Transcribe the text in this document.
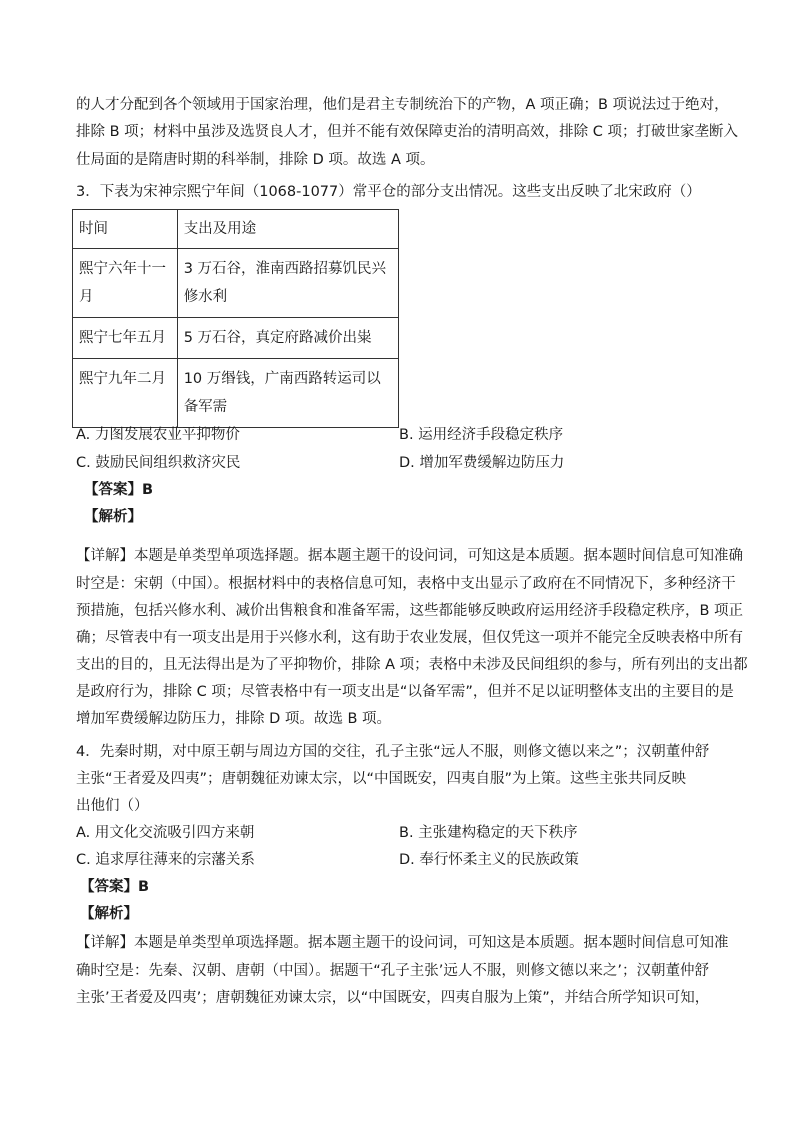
的人才分配到各个领域用于国家治理，他们是君主专制统治下的产物，A 项正确；B 项说法过于绝对，
排除 B 项；材料中虽涉及选贤良人才，但并不能有效保障吏治的清明高效，排除 C 项；打破世家垄断入
仕局面的是隋唐时期的科举制，排除 D 项。故选 A 项。
3．下表为宋神宗熙宁年间（1068-1077）常平仓的部分支出情况。这些支出反映了北宋政府（）
时间	支出及用途

熙宁六年十一月	3 万石谷，淮南西路招募饥民兴修水利

熙宁七年五月	5 万石谷，真定府路减价出粜

熙宁九年二月	10 万缗钱，广南西路转运司以备军需
A. 力图发展农业平抑物价	B. 运用经济手段稳定秩序
C. 鼓励民间组织救济灾民	D. 增加军费缓解边防压力
【答案】B
【解析】
【详解】本题是单类型单项选择题。据本题主题干的设问词，可知这是本质题。据本题时间信息可知准确
时空是：宋朝（中国）。根据材料中的表格信息可知，表格中支出显示了政府在不同情况下，多种经济干
预措施，包括兴修水利、减价出售粮食和准备军需，这些都能够反映政府运用经济手段稳定秩序，B 项正
确；尽管表中有一项支出是用于兴修水利，这有助于农业发展，但仅凭这一项并不能完全反映表格中所有
支出的目的，且无法得出是为了平抑物价，排除 A 项；表格中未涉及民间组织的参与，所有列出的支出都
是政府行为，排除 C 项；尽管表格中有一项支出是“以备军需”，但并不足以证明整体支出的主要目的是
增加军费缓解边防压力，排除 D 项。故选 B 项。
4．先秦时期，对中原王朝与周边方国的交往，孔子主张“远人不服，则修文德以来之”；汉朝董仲舒
主张“王者爱及四夷”；唐朝魏征劝谏太宗，以“中国既安，四夷自服”为上策。这些主张共同反映
出他们（）
A. 用文化交流吸引四方来朝	B. 主张建构稳定的天下秩序
C. 追求厚往薄来的宗藩关系	D. 奉行怀柔主义的民族政策
【答案】B
【解析】
【详解】本题是单类型单项选择题。据本题主题干的设问词，可知这是本质题。据本题时间信息可知准
确时空是：先秦、汉朝、唐朝（中国）。据题干“孔子主张’远人不服，则修文德以来之’；汉朝董仲舒
主张’王者爱及四夷’；唐朝魏征劝谏太宗，以“中国既安，四夷自服为上策”，并结合所学知识可知，
